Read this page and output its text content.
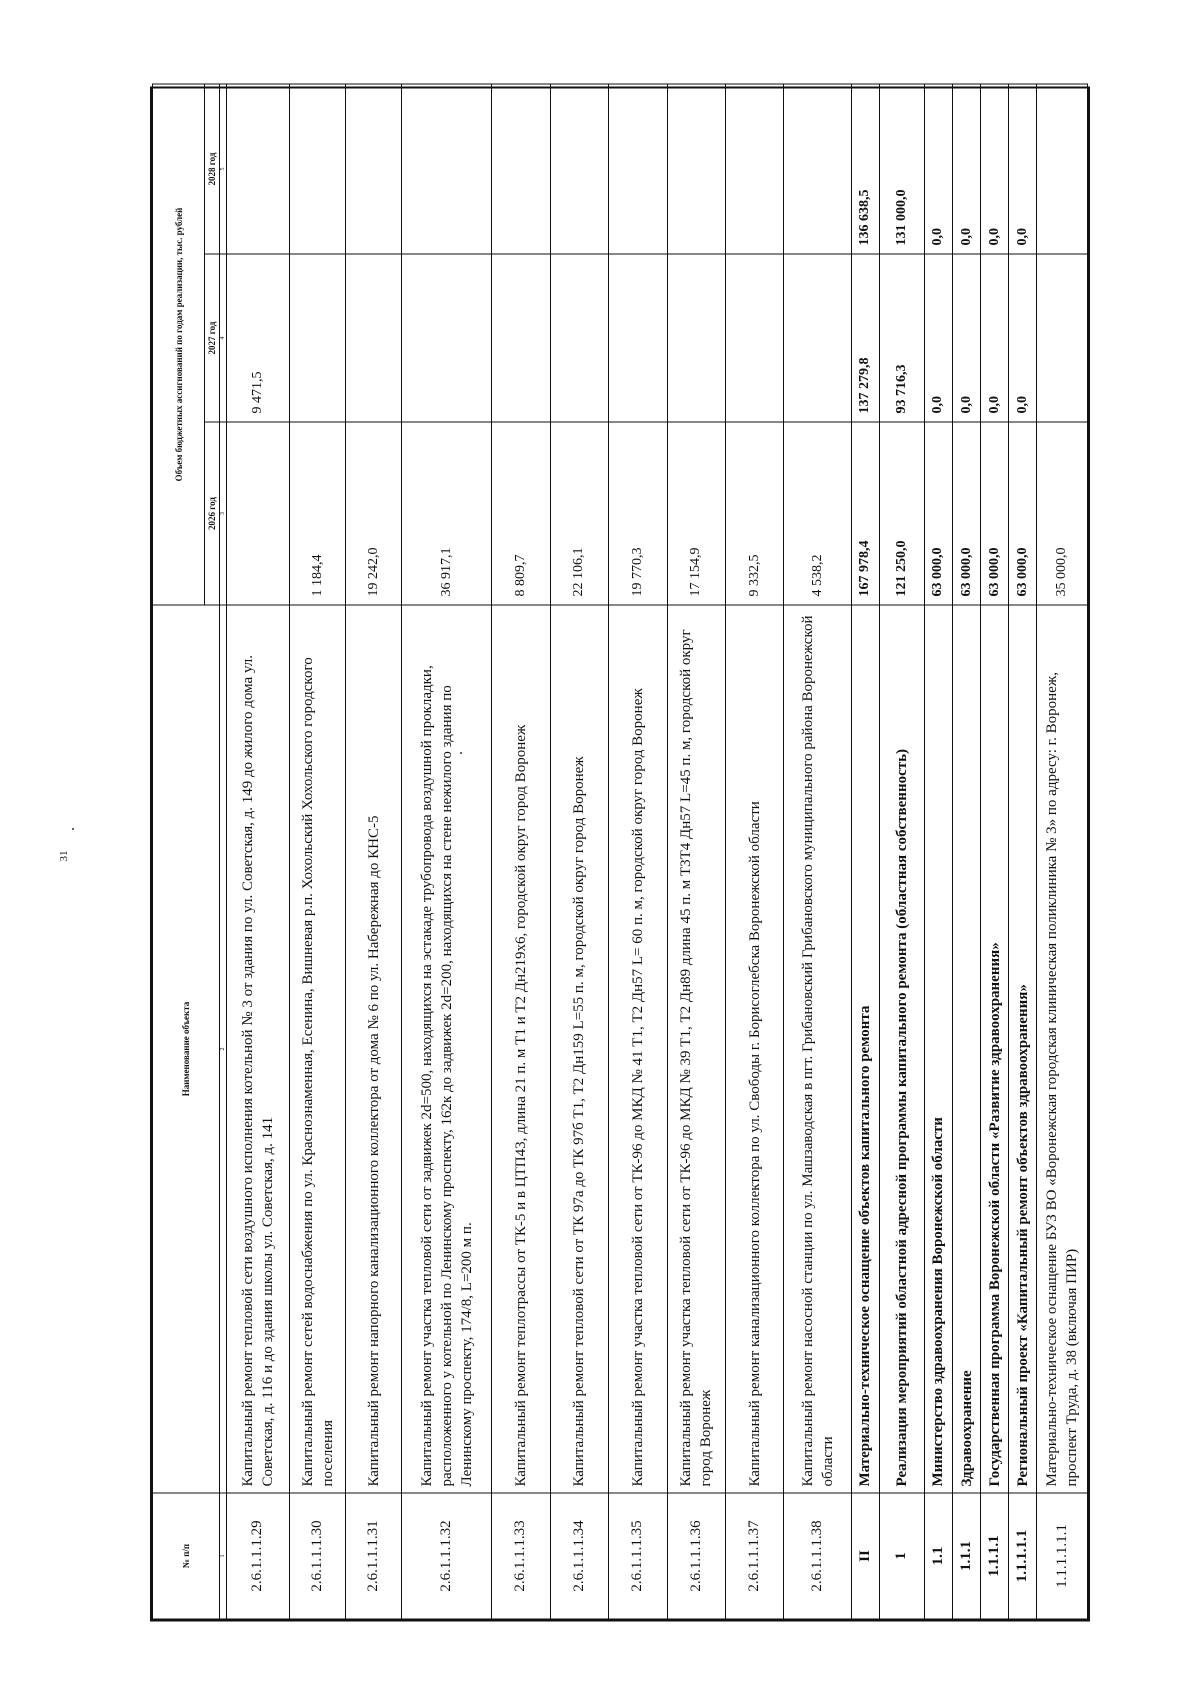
31
№ п/п	Наименование объекта	Объем бюджетных ассигнований по годам реализации, тыс. рублей		
		2026 год	2027 год	2028 год
1	2	3	4	5
2.6.1.1.1.29	Капитальный ремонт тепловой сети воздушного исполнения котельной № 3 от здания по ул. Советская, д. 149 до жилого дома ул. Советская, д. 116 и до здания школы ул. Советская, д. 141		9 471,5	
2.6.1.1.1.30	Капитальный ремонт сетей водоснабжения по ул. Краснознаменная, Есенина, Вишневая р.п. Хохольский Хохольского городского поселения	1 184,4		
2.6.1.1.1.31	Капитальный ремонт напорного канализационного коллектора от дома № 6 по ул. Набережная до КНС-5	19 242,0		
2.6.1.1.1.32	Капитальный ремонт участка тепловой сети от задвижек 2d=500, находящихся на эстакаде трубопровода воздушной прокладки, расположенного у котельной по Ленинскому проспекту, 162к до задвижек 2d=200, находящихся на стене нежилого здания по Ленинскому проспекту, 174/8, L=200 м п.	36 917,1		
2.6.1.1.1.33	Капитальный ремонт теплотрассы от ТК-5 и в ЦТП43, длина 21 п. м Т1 и Т2 Дн219х6, городской округ город Воронеж	8 809,7		
2.6.1.1.1.34	Капитальный ремонт тепловой сети от ТК 97а до ТК 97б Т1, Т2 Дн159 L=55 п. м, городской округ город Воронеж	22 106,1		
2.6.1.1.1.35	Капитальный ремонт участка тепловой сети от ТК-96 до МКД № 41 Т1, Т2 Дн57 L= 60 п. м, городской округ город Воронеж	19 770,3		
2.6.1.1.1.36	Капитальный ремонт участка тепловой сети от ТК-96 до МКД № 39 Т1, Т2 Дн89 длина 45 п. м Т3Т4 Дн57 L=45 п. м, городской округ город Воронеж	17 154,9		
2.6.1.1.1.37	Капитальный ремонт канализационного коллектора по ул. Свободы г. Борисоглебска Воронежской области	9 332,5		
2.6.1.1.1.38	Капитальный ремонт насосной станции по ул. Машзаводская в пгт. Грибановский Грибановского муниципального района Воронежской области	4 538,2		
II	Материально-техническое оснащение объектов капитального ремонта	167 978,4	137 279,8	136 638,5
1	Реализация мероприятий областной адресной программы капитального ремонта (областная собственность)	121 250,0	93 716,3	131 000,0
1.1	Министерство здравоохранения Воронежской области	63 000,0	0,0	0,0
1.1.1	Здравоохранение	63 000,0	0,0	0,0
1.1.1.1	Государственная программа Воронежской области «Развитие здравоохранения»	63 000,0	0,0	0,0
1.1.1.1.1	Региональный проект «Капитальный ремонт объектов здравоохранения»	63 000,0	0,0	0,0
1.1.1.1.1.1	Материально-техническое оснащение БУЗ ВО «Воронежская городская клиническая поликлиника № 3» по адресу: г. Воронеж, проспект Труда, д. 38 (включая ПИР)	35 000,0		
